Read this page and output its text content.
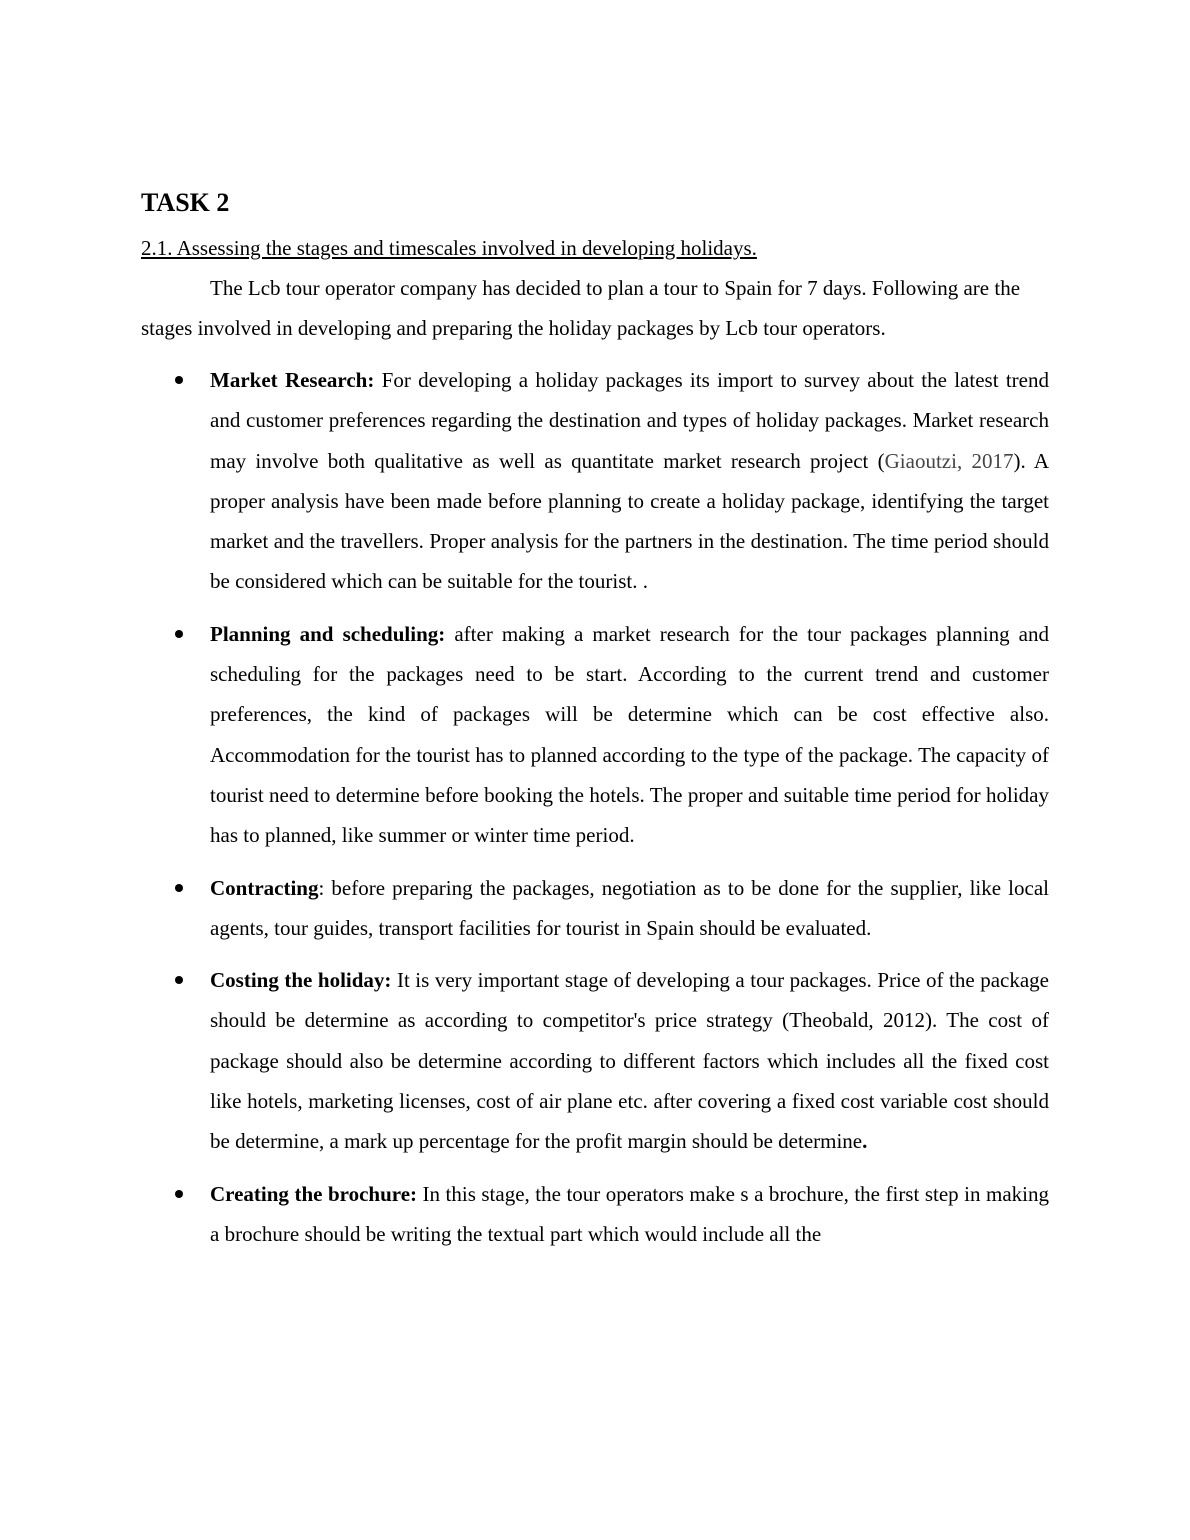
TASK 2

2.1. Assessing the stages and timescales involved in developing holidays.

The Lcb tour operator company has decided to plan a tour to Spain for 7 days. Following are the stages involved in developing and preparing the holiday packages by Lcb tour operators.

Market Research: For developing a holiday packages its import to survey about the latest trend and customer preferences regarding the destination and types of holiday packages. Market research may involve both qualitative as well as quantitate market research project (Giaoutzi, 2017). A proper analysis have been made before planning to create a holiday package, identifying the target market and the travellers. Proper analysis for the partners in the destination. The time period should be considered which can be suitable for the tourist. .
Planning and scheduling: after making a market research for the tour packages planning and scheduling for the packages need to be start. According to the current trend and customer preferences, the kind of packages will be determine which can be cost effective also. Accommodation for the tourist has to planned according to the type of the package. The capacity of tourist need to determine before booking the hotels. The proper and suitable time period for holiday has to planned, like summer or winter time period.
Contracting: before preparing the packages, negotiation as to be done for the supplier, like local agents, tour guides, transport facilities for tourist in Spain should be evaluated.
Costing the holiday: It is very important stage of developing a tour packages. Price of the package should be determine as according to competitor's price strategy (Theobald, 2012). The cost of package should also be determine according to different factors which includes all the fixed cost like hotels, marketing licenses, cost of air plane etc. after covering a fixed cost variable cost should be determine, a mark up percentage for the profit margin should be determine.
Creating the brochure: In this stage, the tour operators make s a brochure, the first step in making a brochure should be writing the textual part which would include all the
